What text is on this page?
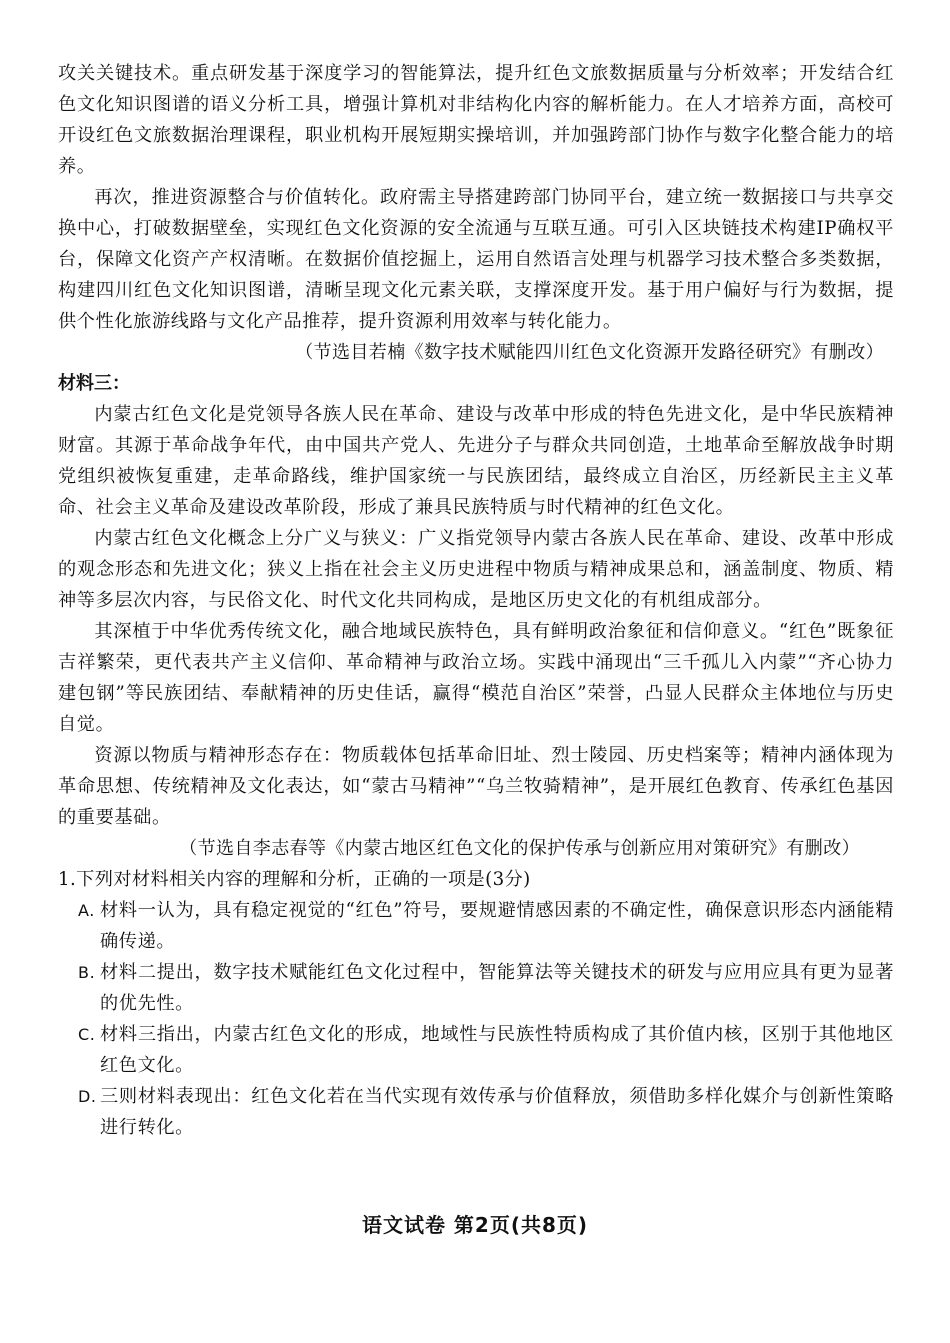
攻关关键技术。重点研发基于深度学习的智能算法，提升红色文旅数据质量与分析效率；开发结合红色文化知识图谱的语义分析工具，增强计算机对非结构化内容的解析能力。在人才培养方面，高校可开设红色文旅数据治理课程，职业机构开展短期实操培训，并加强跨部门协作与数字化整合能力的培养。

再次，推进资源整合与价值转化。政府需主导搭建跨部门协同平台，建立统一数据接口与共享交换中心，打破数据壁垒，实现红色文化资源的安全流通与互联互通。可引入区块链技术构建IP确权平台，保障文化资产产权清晰。在数据价值挖掘上，运用自然语言处理与机器学习技术整合多类数据，构建四川红色文化知识图谱，清晰呈现文化元素关联，支撑深度开发。基于用户偏好与行为数据，提供个性化旅游线路与文化产品推荐，提升资源利用效率与转化能力。

（节选目若楠《数字技术赋能四川红色文化资源开发路径研究》有删改）

材料三：

内蒙古红色文化是党领导各族人民在革命、建设与改革中形成的特色先进文化，是中华民族精神财富。其源于革命战争年代，由中国共产党人、先进分子与群众共同创造，土地革命至解放战争时期党组织被恢复重建，走革命路线，维护国家统一与民族团结，最终成立自治区，历经新民主主义革命、社会主义革命及建设改革阶段，形成了兼具民族特质与时代精神的红色文化。

内蒙古红色文化概念上分广义与狭义：广义指党领导内蒙古各族人民在革命、建设、改革中形成的观念形态和先进文化；狭义上指在社会主义历史进程中物质与精神成果总和，涵盖制度、物质、精神等多层次内容，与民俗文化、时代文化共同构成，是地区历史文化的有机组成部分。

其深植于中华优秀传统文化，融合地域民族特色，具有鲜明政治象征和信仰意义。“红色”既象征吉祥繁荣，更代表共产主义信仰、革命精神与政治立场。实践中涌现出“三千孤儿入内蒙”“齐心协力建包钢”等民族团结、奉献精神的历史佳话，赢得“模范自治区”荣誉，凸显人民群众主体地位与历史自觉。

资源以物质与精神形态存在：物质载体包括革命旧址、烈士陵园、历史档案等；精神内涵体现为革命思想、传统精神及文化表达，如“蒙古马精神”“乌兰牧骑精神”，是开展红色教育、传承红色基因的重要基础。

（节选自李志春等《内蒙古地区红色文化的保护传承与创新应用对策研究》有删改）

1.下列对材料相关内容的理解和分析，正确的一项是(3分)

A. 材料一认为，具有稳定视觉的“红色”符号，要规避情感因素的不确定性，确保意识形态内涵能精确传递。
B. 材料二提出，数字技术赋能红色文化过程中，智能算法等关键技术的研发与应用应具有更为显著的优先性。
C. 材料三指出，内蒙古红色文化的形成，地域性与民族性特质构成了其价值内核，区别于其他地区红色文化。
D. 三则材料表现出：红色文化若在当代实现有效传承与价值释放，须借助多样化媒介与创新性策略进行转化。
语文试卷 第2页(共8页)
